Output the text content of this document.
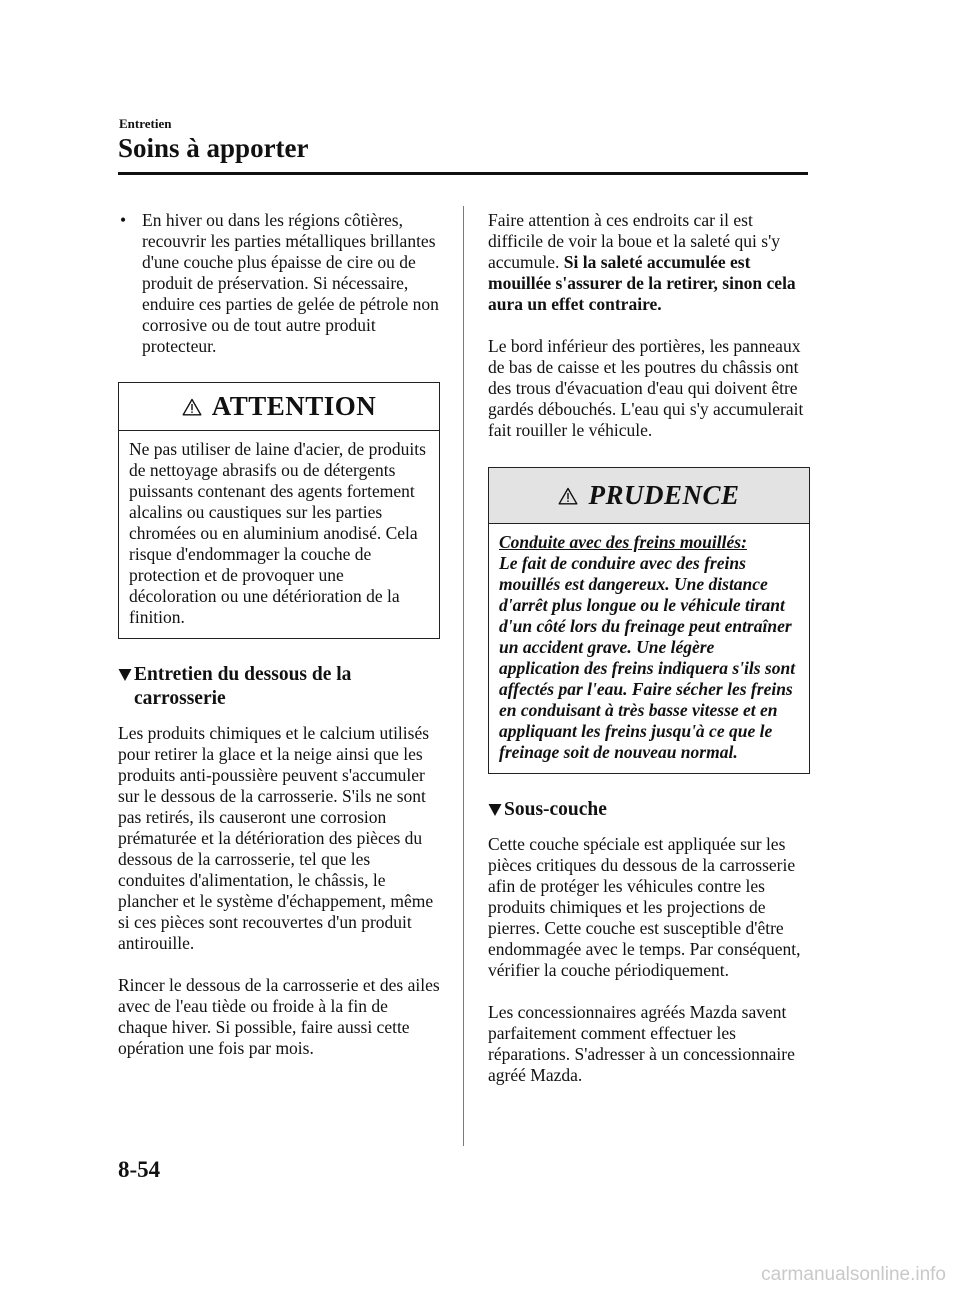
Entretien
Soins à apporter
• En hiver ou dans les régions côtières, recouvrir les parties métalliques brillantes d'une couche plus épaisse de cire ou de produit de préservation. Si nécessaire, enduire ces parties de gelée de pétrole non corrosive ou de tout autre produit protecteur.

ATTENTION

Ne pas utiliser de laine d'acier, de produits de nettoyage abrasifs ou de détergents puissants contenant des agents fortement alcalins ou caustiques sur les parties chromées ou en aluminium anodisé. Cela risque d'endommager la couche de protection et de provoquer une décoloration ou une détérioration de la finition.

Entretien du dessous de la carrosserie

Les produits chimiques et le calcium utilisés pour retirer la glace et la neige ainsi que les produits anti-poussière peuvent s'accumuler sur le dessous de la carrosserie. S'ils ne sont pas retirés, ils causeront une corrosion prématurée et la détérioration des pièces du dessous de la carrosserie, tel que les conduites d'alimentation, le châssis, le plancher et le système d'échappement, même si ces pièces sont recouvertes d'un produit antirouille.

Rincer le dessous de la carrosserie et des ailes avec de l'eau tiède ou froide à la fin de chaque hiver. Si possible, faire aussi cette opération une fois par mois.

Faire attention à ces endroits car il est difficile de voir la boue et la saleté qui s'y accumule. Si la saleté accumulée est mouillée s'assurer de la retirer, sinon cela aura un effet contraire.

Le bord inférieur des portières, les panneaux de bas de caisse et les poutres du châssis ont des trous d'évacuation d'eau qui doivent être gardés débouchés. L'eau qui s'y accumulerait fait rouiller le véhicule.

PRUDENCE

Conduite avec des freins mouillés:

Le fait de conduire avec des freins mouillés est dangereux. Une distance d'arrêt plus longue ou le véhicule tirant d'un côté lors du freinage peut entraîner un accident grave. Une légère application des freins indiquera s'ils sont affectés par l'eau. Faire sécher les freins en conduisant à très basse vitesse et en appliquant les freins jusqu'à ce que le freinage soit de nouveau normal.

Sous-couche

Cette couche spéciale est appliquée sur les pièces critiques du dessous de la carrosserie afin de protéger les véhicules contre les produits chimiques et les projections de pierres. Cette couche est susceptible d'être endommagée avec le temps. Par conséquent, vérifier la couche périodiquement.

Les concessionnaires agréés Mazda savent parfaitement comment effectuer les réparations. S'adresser à un concessionnaire agréé Mazda.

8-54
carmanualsonline.info
